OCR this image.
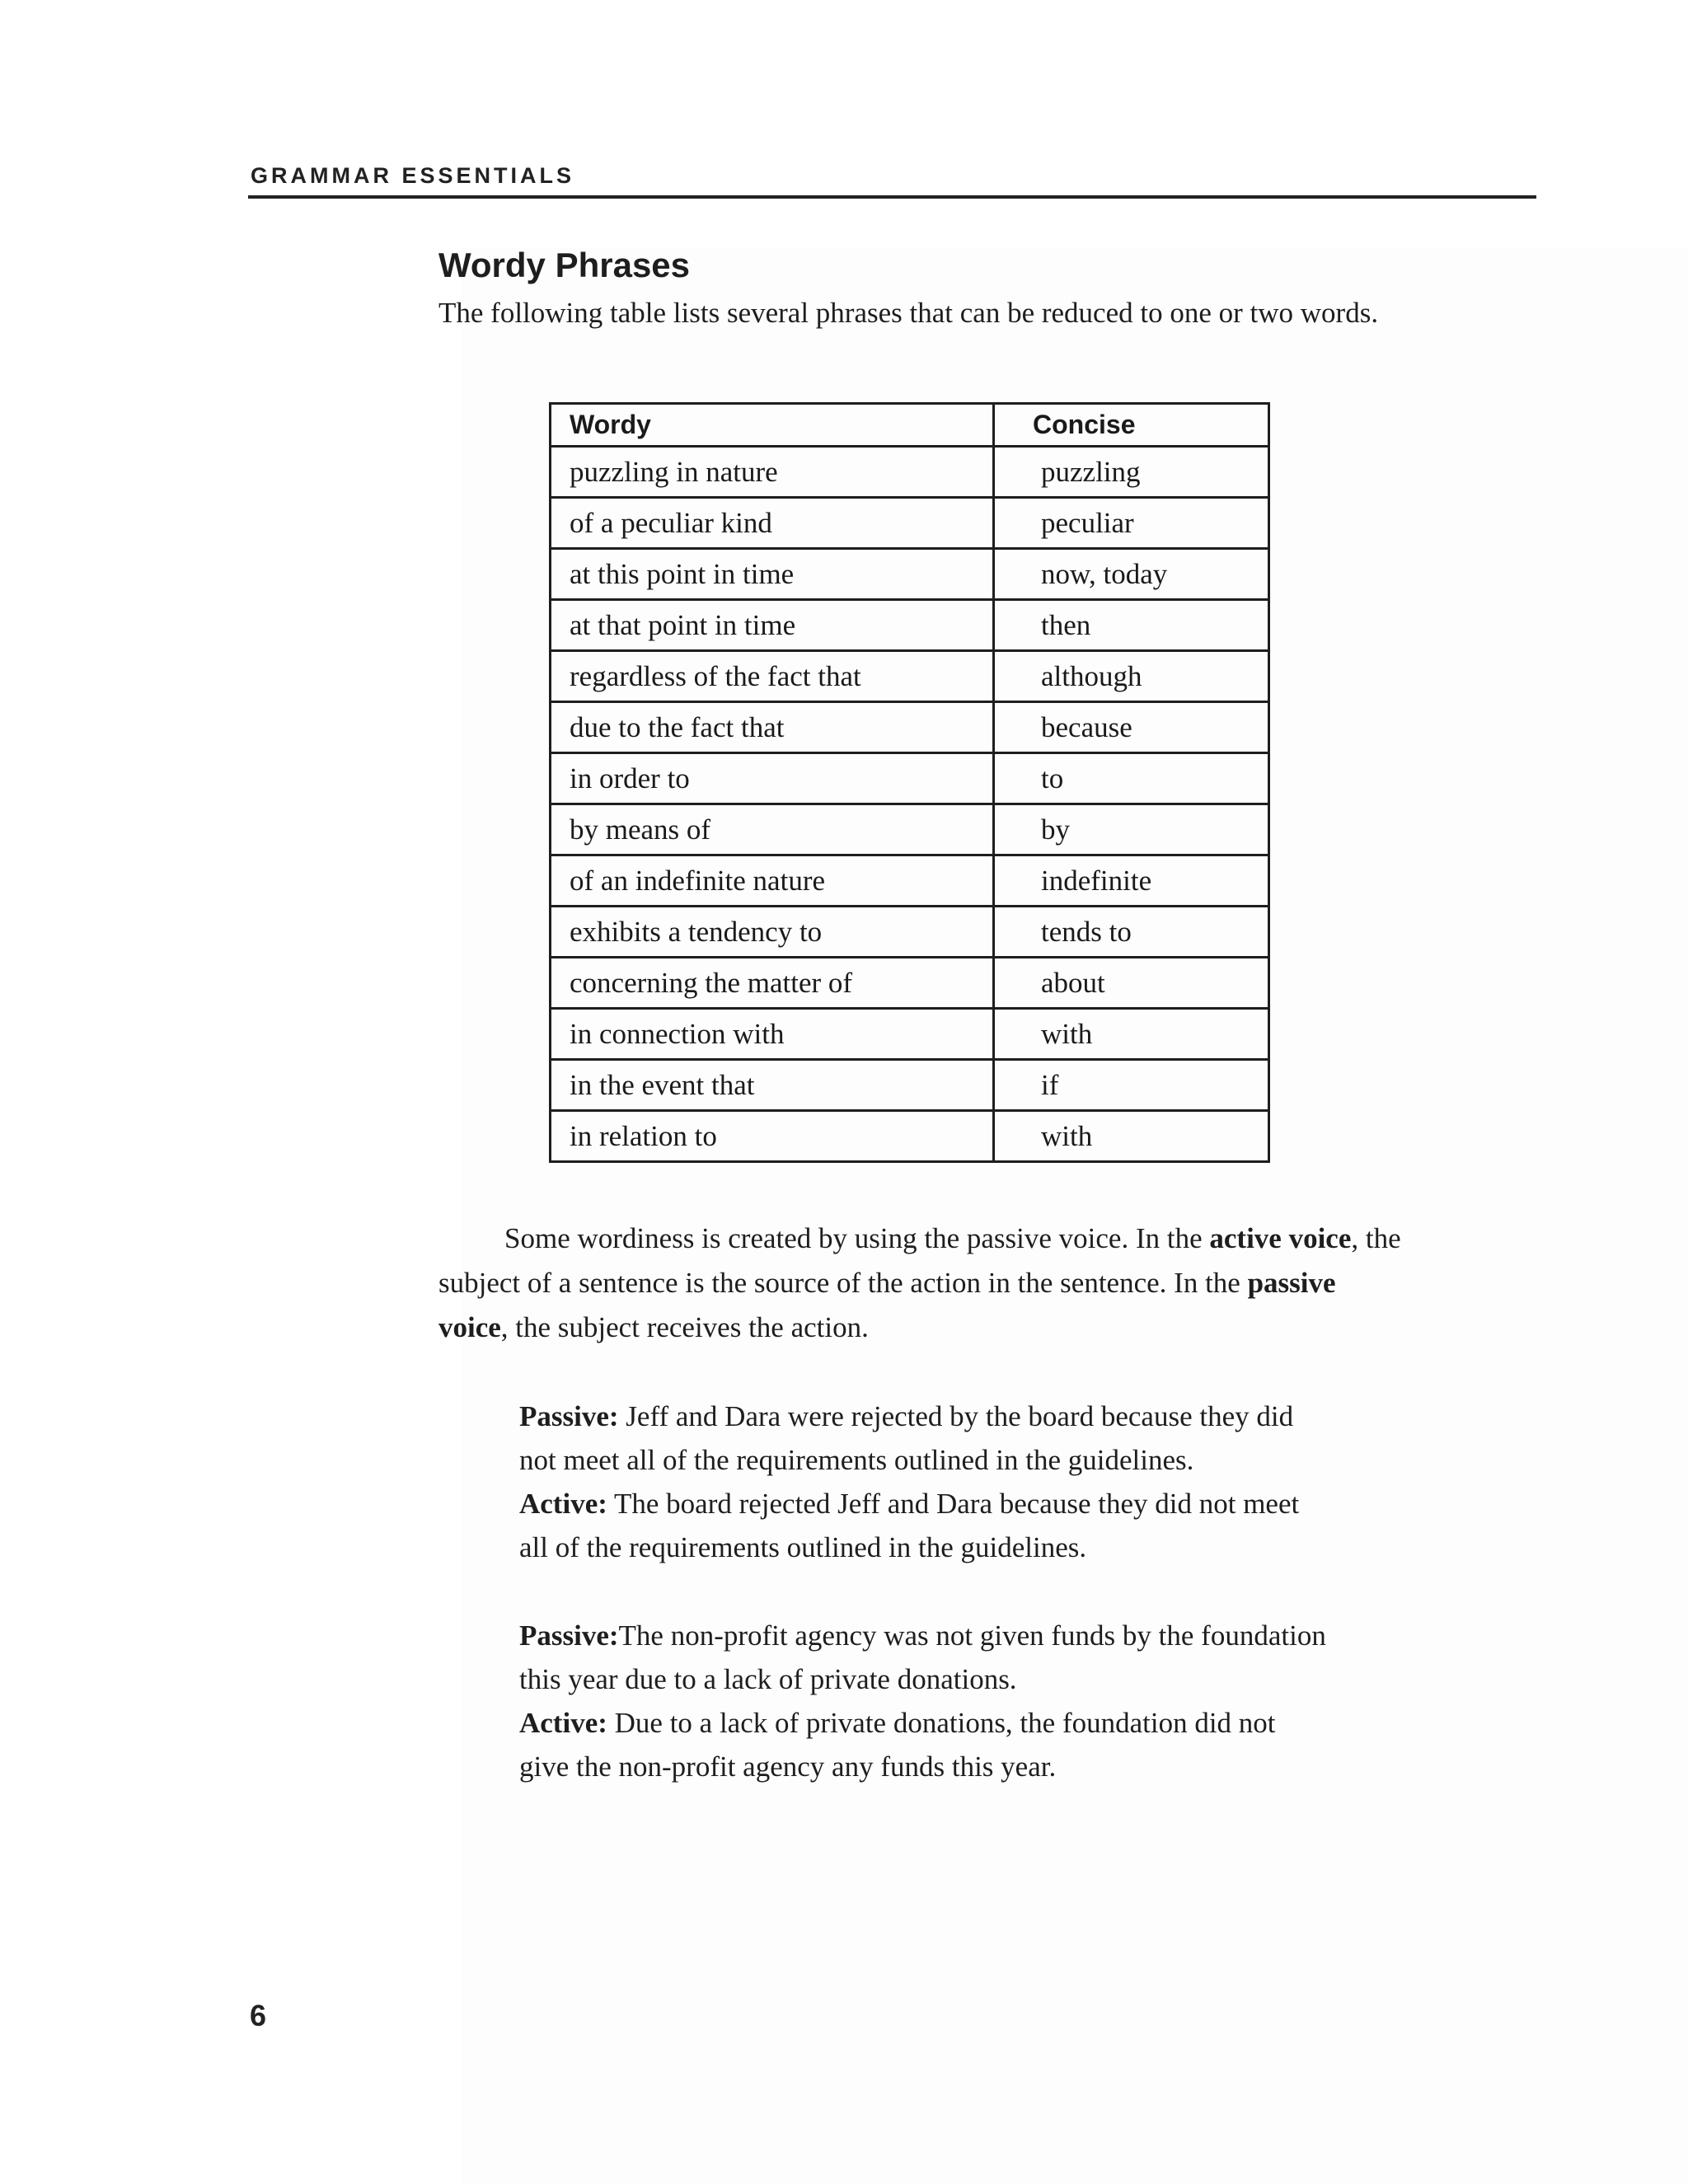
GRAMMAR ESSENTIALS
Wordy Phrases

The following table lists several phrases that can be reduced to one or two words.

Wordy	Concise
puzzling in nature	puzzling
of a peculiar kind	peculiar
at this point in time	now, today
at that point in time	then
regardless of the fact that	although
due to the fact that	because
in order to	to
by means of	by
of an indefinite nature	indefinite
exhibits a tendency to	tends to
concerning the matter of	about
in connection with	with
in the event that	if
in relation to	with

Some wordiness is created by using the passive voice. In the active voice, the subject of a sentence is the source of the action in the sentence. In the passive voice, the subject receives the action.

Passive: Jeff and Dara were rejected by the board because they did not meet all of the requirements outlined in the guidelines.

Active: The board rejected Jeff and Dara because they did not meet all of the requirements outlined in the guidelines.

Passive:The non-profit agency was not given funds by the foundation this year due to a lack of private donations.

Active: Due to a lack of private donations, the foundation did not give the non-profit agency any funds this year.

6
